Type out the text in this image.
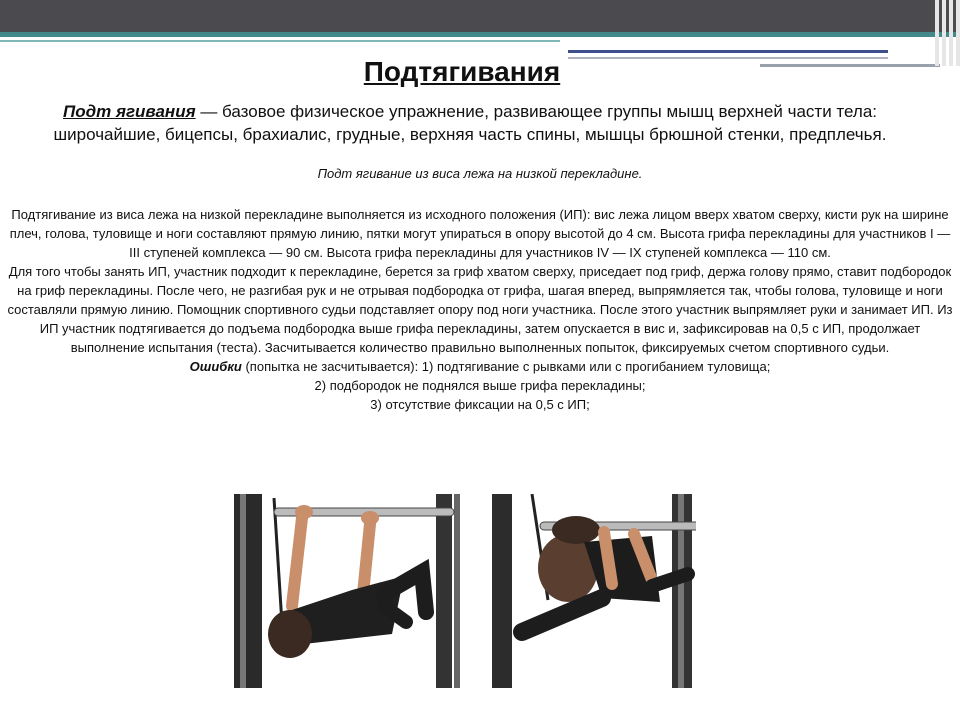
Подтягивания

Подт ягивания — базовое физическое упражнение, развивающее группы мышц верхней части тела: широчайшие, бицепсы, брахиалис, грудные, верхняя часть спины, мышцы брюшной стенки, предплечья.

Подт ягивание из виса лежа на низкой перекладине.

Подтягивание из виса лежа на низкой перекладине выполняется из исходного положения (ИП): вис лежа лицом вверх хватом сверху, кисти рук на ширине плеч, голова, туловище и ноги составляют прямую линию, пятки могут упираться в опору высотой до 4 см. Высота грифа перекладины для участников I — III ступеней комплекса — 90 см. Высота грифа перекладины для участников IV — IX ступеней комплекса — 110 см.

Для того чтобы занять ИП, участник подходит к перекладине, берется за гриф хватом сверху, приседает под гриф, держа голову прямо, ставит подбородок на гриф перекладины. После чего, не разгибая рук и не отрывая подбородка от грифа, шагая вперед, выпрямляется так, чтобы голова, туловище и ноги составляли прямую линию. Помощник спортивного судьи подставляет опору под ноги участника. После этого участник выпрямляет руки и занимает ИП. Из ИП участник подтягивается до подъема подбородка выше грифа перекладины, затем опускается в вис и, зафиксировав на 0,5 с ИП, продолжает выполнение испытания (теста). Засчитывается количество правильно выполненных попыток, фиксируемых счетом спортивного судьи.

Ошибки (попытка не засчитывается): 1) подтягивание с рывками или с прогибанием туловища;

2) подбородок не поднялся выше грифа перекладины;

3) отсутствие фиксации на 0,5 с ИП;
